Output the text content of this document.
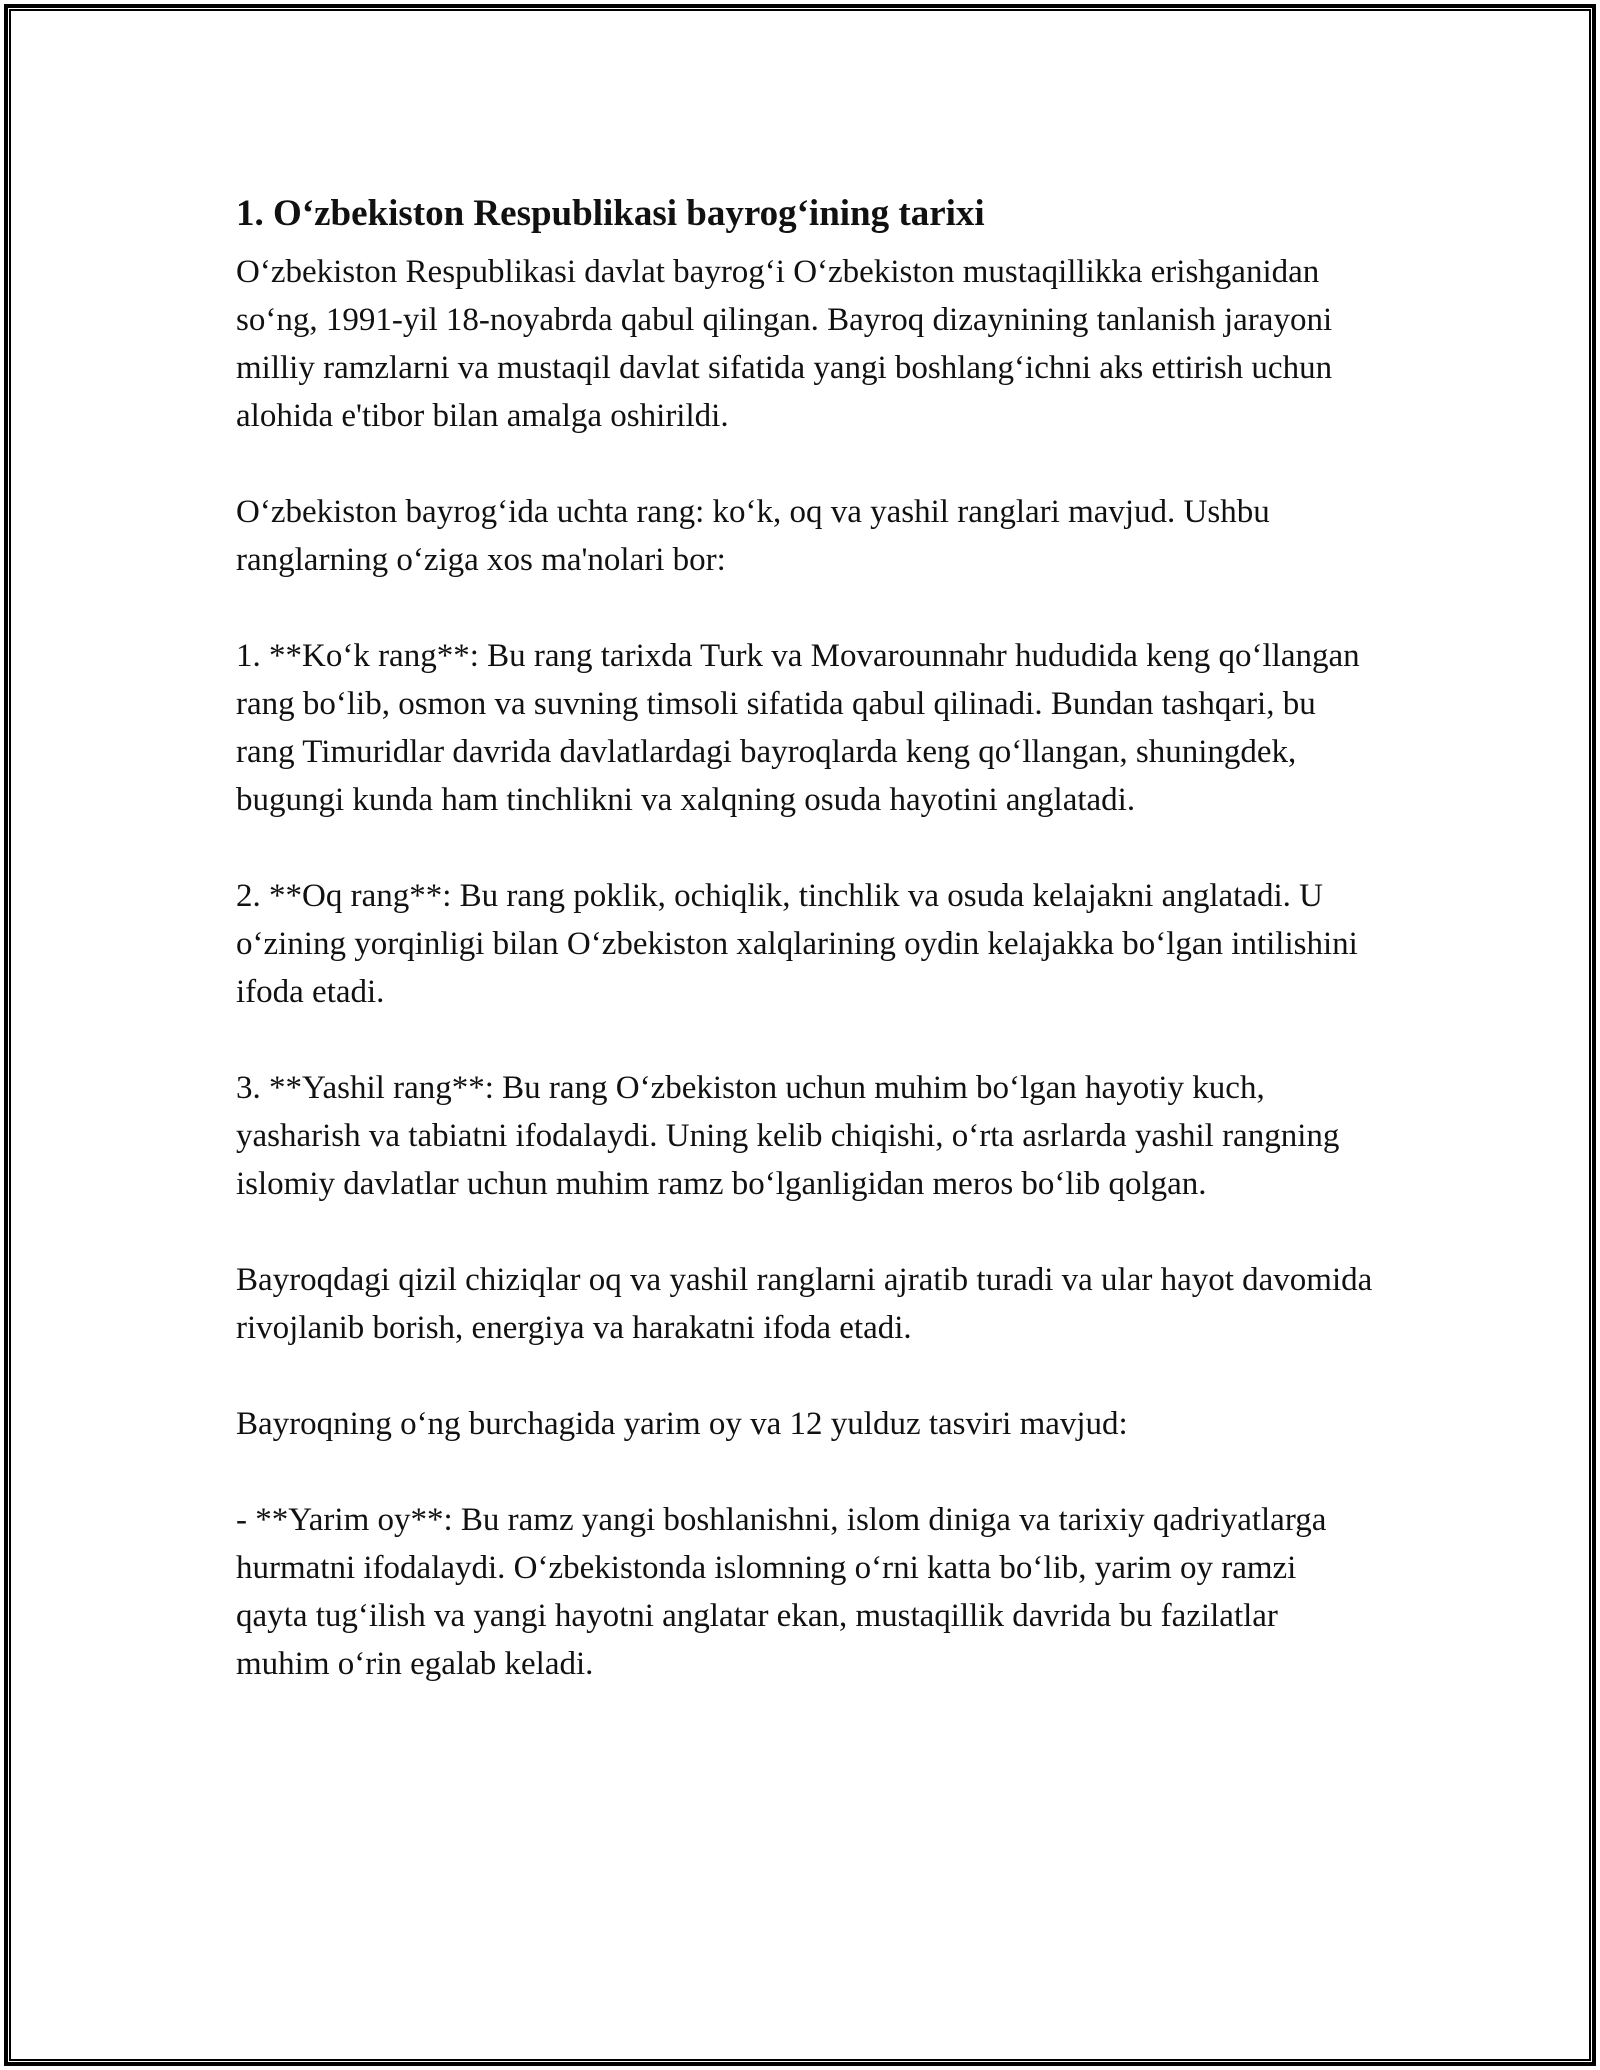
1. O‘zbekiston Respublikasi bayrog‘ining tarixi

O‘zbekiston Respublikasi davlat bayrog‘i O‘zbekiston mustaqillikka erishganidan so‘ng, 1991-yil 18-noyabrda qabul qilingan. Bayroq dizaynining tanlanish jarayoni milliy ramzlarni va mustaqil davlat sifatida yangi boshlang‘ichni aks ettirish uchun alohida e'tibor bilan amalga oshirildi.

O‘zbekiston bayrog‘ida uchta rang: ko‘k, oq va yashil ranglari mavjud. Ushbu ranglarning o‘ziga xos ma'nolari bor:

1. **Ko‘k rang**: Bu rang tarixda Turk va Movarounnahr hududida keng qo‘llangan rang bo‘lib, osmon va suvning timsoli sifatida qabul qilinadi. Bundan tashqari, bu rang Timuridlar davrida davlatlardagi bayroqlarda keng qo‘llangan, shuningdek, bugungi kunda ham tinchlikni va xalqning osuda hayotini anglatadi.

2. **Oq rang**: Bu rang poklik, ochiqlik, tinchlik va osuda kelajakni anglatadi. U o‘zining yorqinligi bilan O‘zbekiston xalqlarining oydin kelajakka bo‘lgan intilishini ifoda etadi.

3. **Yashil rang**: Bu rang O‘zbekiston uchun muhim bo‘lgan hayotiy kuch, yasharish va tabiatni ifodalaydi. Uning kelib chiqishi, o‘rta asrlarda yashil rangning islomiy davlatlar uchun muhim ramz bo‘lganligidan meros bo‘lib qolgan.

Bayroqdagi qizil chiziqlar oq va yashil ranglarni ajratib turadi va ular hayot davomida rivojlanib borish, energiya va harakatni ifoda etadi.

Bayroqning o‘ng burchagida yarim oy va 12 yulduz tasviri mavjud:

- **Yarim oy**: Bu ramz yangi boshlanishni, islom diniga va tarixiy qadriyatlarga hurmatni ifodalaydi. O‘zbekistonda islomning o‘rni katta bo‘lib, yarim oy ramzi qayta tug‘ilish va yangi hayotni anglatar ekan, mustaqillik davrida bu fazilatlar muhim o‘rin egalab keladi.
